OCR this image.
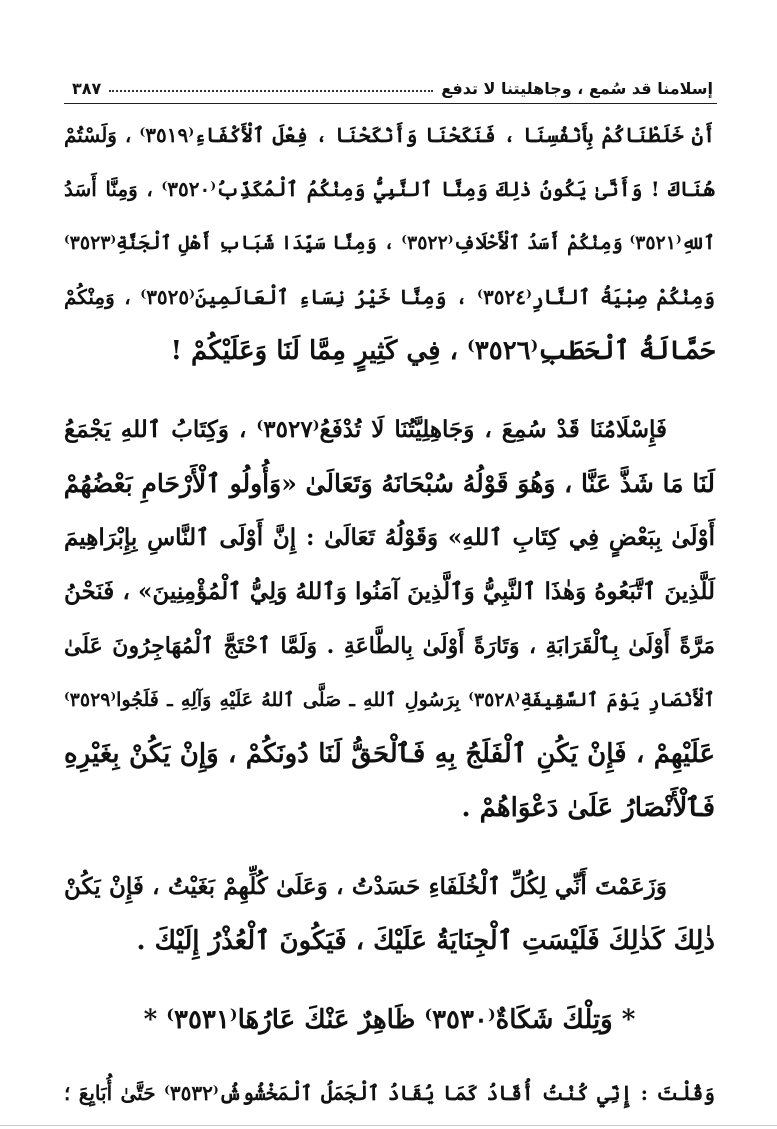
إسلامنا قد سُمع ، وجاهليتنا لا تدفع
٣٨٧
أَنْ خَلَطْنَاكُمْ بِأَنْفُسِنَا ، فَنَكَحْنَا وَأَنْكَحْنَا ، فِعْلَ ٱلْأَكْفَاءِ⁽٣٥١٩⁾ ، وَلَسْتُمْ
هُنَاكَ ! وَأَنَّىٰ يَكُونُ ذٰلِكَ وَمِنَّا ٱلنَّبِيُّ وَمِنْكُمُ ٱلْمُكَذِّبُ⁽٣٥٢٠⁾ ، وَمِنَّا أَسَدُ
ٱللهِ⁽٣٥٢١⁾ وَمِنْكُمْ أَسَدُ ٱلْأَحْلَافِ⁽٣٥٢٢⁾ ، وَمِنَّا سَيِّدَا شَبَابِ أَهْلِ ٱلْجَنَّةِ⁽٣٥٢٣⁾
وَمِنْكُمْ صِبْيَةُ ٱلنَّارِ⁽٣٥٢٤⁾ ، وَمِنَّا خَيْرُ نِسَاءِ ٱلْعَالَمِينَ⁽٣٥٢٥⁾ ، وَمِنْكُمْ
حَمَّالَةُ ٱلْحَطَبِ⁽٣٥٢٦⁾ ، فِي كَثِيرٍ مِمَّا لَنَا وَعَلَيْكُمْ !
فَإِسْلَامُنَا قَدْ سُمِعَ ، وَجَاهِلِيَّتُنَا لَا تُدْفَعُ⁽٣٥٢٧⁾ ، وَكِتَابُ ٱللهِ يَجْمَعُ
لَنَا مَا شَذَّ عَنَّا ، وَهُوَ قَوْلُهُ سُبْحَانَهُ وَتَعَالَىٰ «وَأُولُو ٱلْأَرْحَامِ بَعْضُهُمْ
أَوْلَىٰ بِبَعْضٍ فِي كِتَابِ ٱللهِ» وَقَوْلُهُ تَعَالَىٰ : إِنَّ أَوْلَى ٱلنَّاسِ بِإِبْرَاهِيمَ
لَلَّذِينَ ٱتَّبَعُوهُ وَهٰذَا ٱلنَّبِيُّ وَٱلَّذِينَ آمَنُوا وَٱللهُ وَلِيُّ ٱلْمُؤْمِنِينَ» ، فَنَحْنُ
مَرَّةً أَوْلَىٰ بِٱلْقَرَابَةِ ، وَتَارَةً أَوْلَىٰ بِالطَّاعَةِ . وَلَمَّا ٱحْتَجَّ ٱلْمُهَاجِرُونَ عَلَىٰ
ٱلْأَنْصَارِ يَوْمَ ٱلسَّقِيفَةِ⁽٣٥٢٨⁾ بِرَسُولِ ٱللهِ ـ صَلَّى ٱللهُ عَلَيْهِ وَآلِهِ ـ فَلَجُوا⁽٣٥٢٩⁾
عَلَيْهِمْ ، فَإِنْ يَكُنِ ٱلْفَلَجُ بِهِ فَٱلْحَقُّ لَنَا دُونَكُمْ ، وَإِنْ يَكُنْ بِغَيْرِهِ
فَٱلْأَنْصَارُ عَلَىٰ دَعْوَاهُمْ .
وَزَعَمْتَ أَنِّي لِكُلِّ ٱلْخُلَفَاءِ حَسَدْتُ ، وَعَلَىٰ كُلِّهِمْ بَغَيْتُ ، فَإِنْ يَكُنْ
ذٰلِكَ كَذٰلِكَ فَلَيْسَتِ ٱلْجِنَايَةُ عَلَيْكَ ، فَيَكُونَ ٱلْعُذْرُ إِلَيْكَ .
* وَتِلْكَ شَكَاةٌ⁽٣٥٣٠⁾ ظَاهِرٌ عَنْكَ عَارُهَا⁽٣٥٣١⁾ *
وَقُلْتَ : إِنِّي كُنْتُ أُقَادُ كَمَا يُقَادُ ٱلْجَمَلُ ٱلْمَخْشُوشُ⁽٣٥٣٢⁾ حَتَّىٰ أُبَايِعَ ؛
